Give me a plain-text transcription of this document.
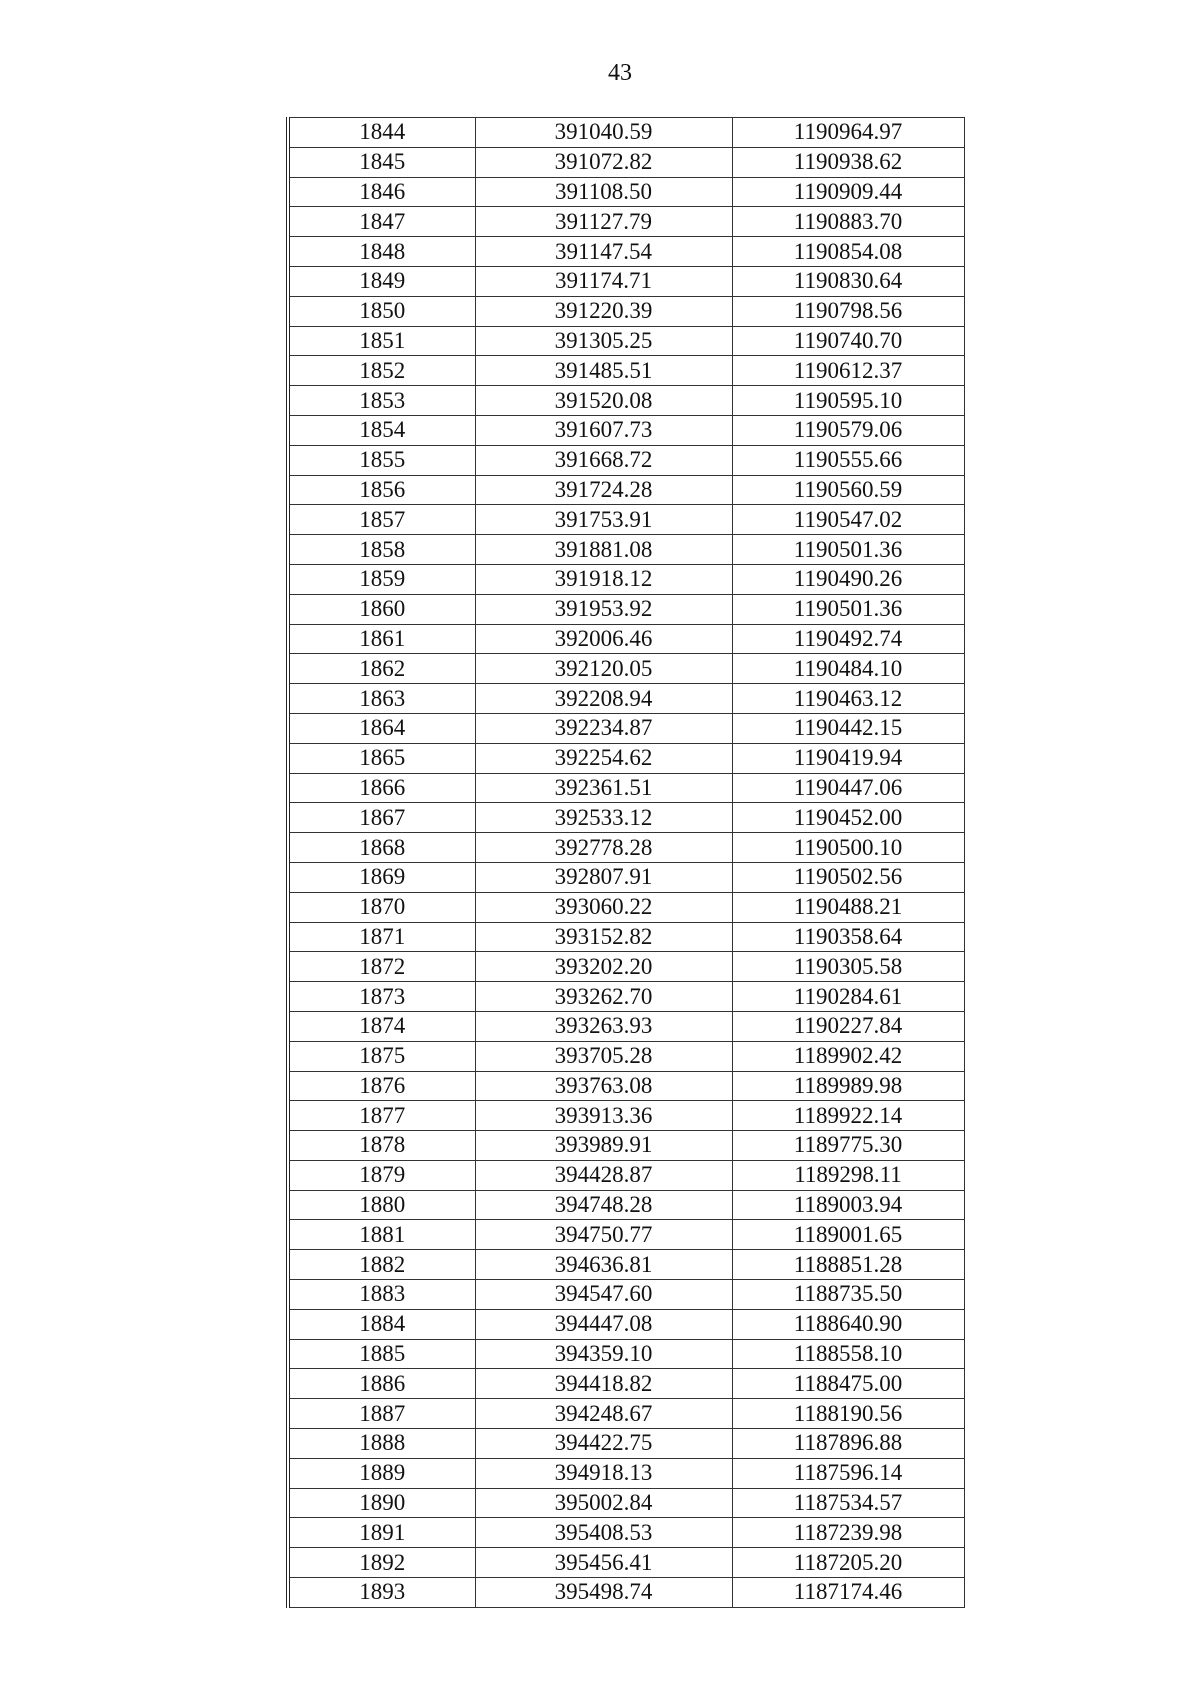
43
1844	391040.59	1190964.97
1845	391072.82	1190938.62
1846	391108.50	1190909.44
1847	391127.79	1190883.70
1848	391147.54	1190854.08
1849	391174.71	1190830.64
1850	391220.39	1190798.56
1851	391305.25	1190740.70
1852	391485.51	1190612.37
1853	391520.08	1190595.10
1854	391607.73	1190579.06
1855	391668.72	1190555.66
1856	391724.28	1190560.59
1857	391753.91	1190547.02
1858	391881.08	1190501.36
1859	391918.12	1190490.26
1860	391953.92	1190501.36
1861	392006.46	1190492.74
1862	392120.05	1190484.10
1863	392208.94	1190463.12
1864	392234.87	1190442.15
1865	392254.62	1190419.94
1866	392361.51	1190447.06
1867	392533.12	1190452.00
1868	392778.28	1190500.10
1869	392807.91	1190502.56
1870	393060.22	1190488.21
1871	393152.82	1190358.64
1872	393202.20	1190305.58
1873	393262.70	1190284.61
1874	393263.93	1190227.84
1875	393705.28	1189902.42
1876	393763.08	1189989.98
1877	393913.36	1189922.14
1878	393989.91	1189775.30
1879	394428.87	1189298.11
1880	394748.28	1189003.94
1881	394750.77	1189001.65
1882	394636.81	1188851.28
1883	394547.60	1188735.50
1884	394447.08	1188640.90
1885	394359.10	1188558.10
1886	394418.82	1188475.00
1887	394248.67	1188190.56
1888	394422.75	1187896.88
1889	394918.13	1187596.14
1890	395002.84	1187534.57
1891	395408.53	1187239.98
1892	395456.41	1187205.20
1893	395498.74	1187174.46
